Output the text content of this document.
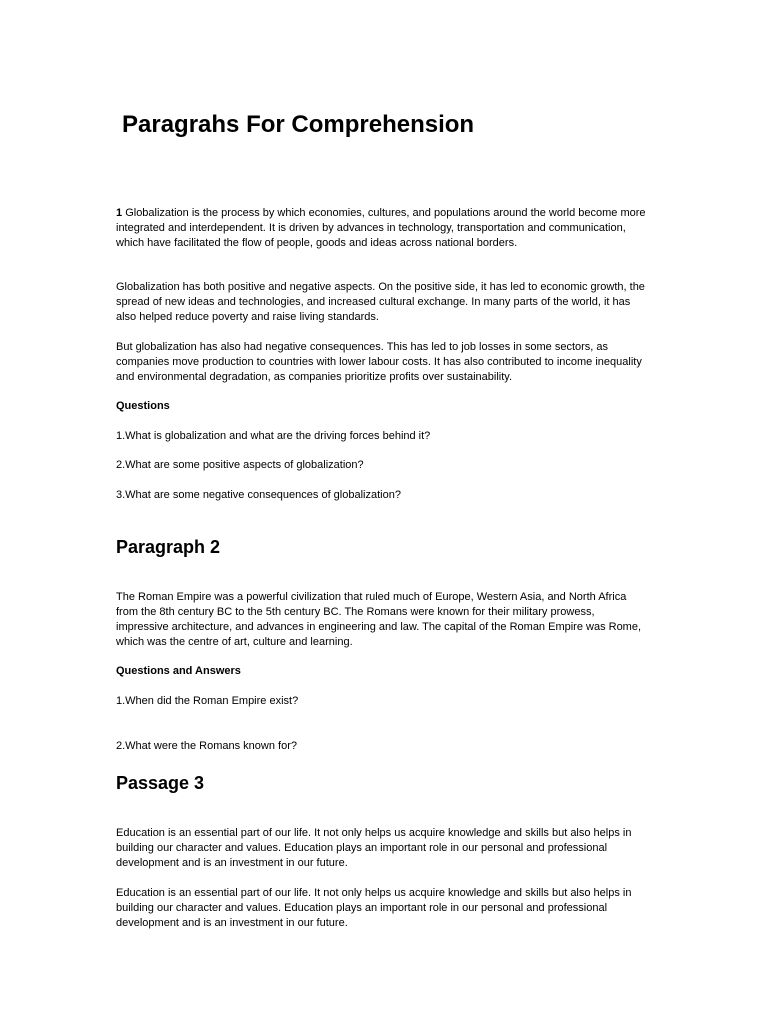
Paragrahs For Comprehension

1 Globalization is the process by which economies, cultures, and populations around the world become more integrated and interdependent. It is driven by advances in technology, transportation and communication, which have facilitated the flow of people, goods and ideas across national borders.

Globalization has both positive and negative aspects. On the positive side, it has led to economic growth, the spread of new ideas and technologies, and increased cultural exchange. In many parts of the world, it has also helped reduce poverty and raise living standards.

But globalization has also had negative consequences. This has led to job losses in some sectors, as companies move production to countries with lower labour costs. It has also contributed to income inequality and environmental degradation, as companies prioritize profits over sustainability.

Questions

1.What is globalization and what are the driving forces behind it?

2.What are some positive aspects of globalization?

3.What are some negative consequences of globalization?

Paragraph 2

The Roman Empire was a powerful civilization that ruled much of Europe, Western Asia, and North Africa from the 8th century BC to the 5th century BC. The Romans were known for their military prowess, impressive architecture, and advances in engineering and law. The capital of the Roman Empire was Rome, which was the centre of art, culture and learning.

Questions and Answers

1.When did the Roman Empire exist?

2.What were the Romans known for?

Passage 3

Education is an essential part of our life. It not only helps us acquire knowledge and skills but also helps in building our character and values. Education plays an important role in our personal and professional development and is an investment in our future.

Education is an essential part of our life. It not only helps us acquire knowledge and skills but also helps in building our character and values. Education plays an important role in our personal and professional development and is an investment in our future.
